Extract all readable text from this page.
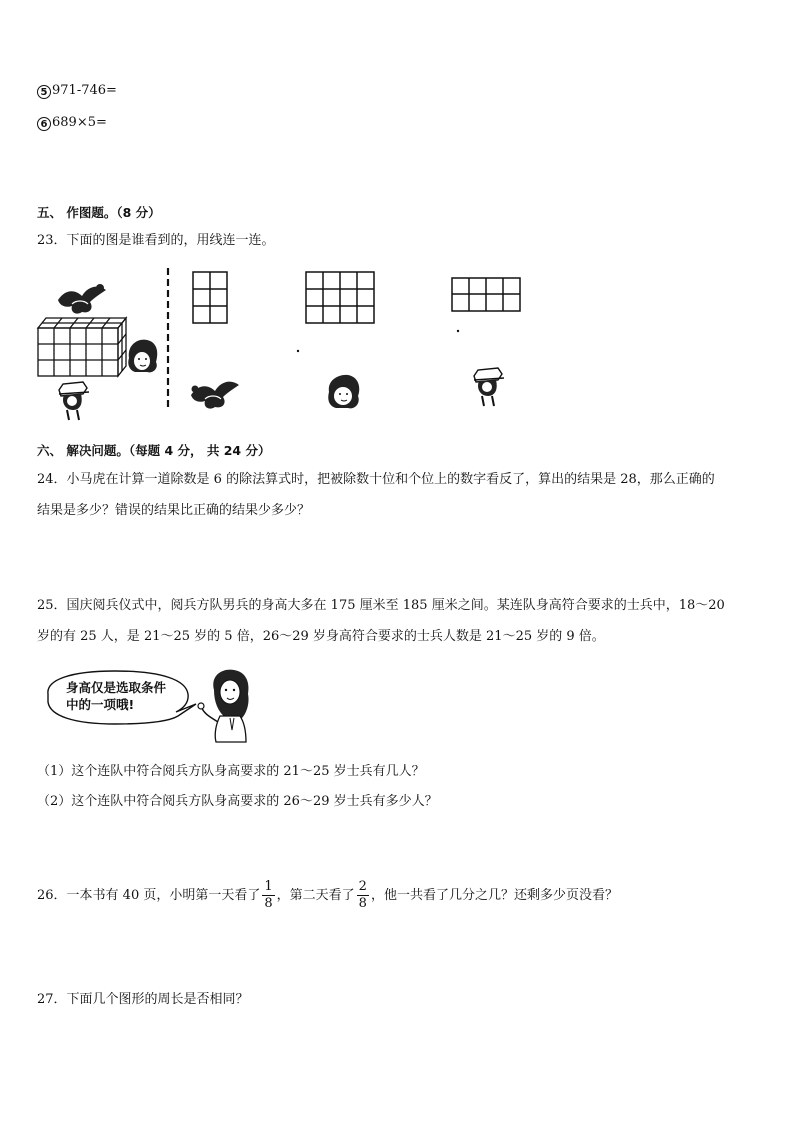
5 971-746=
6 689×5=
五、 作图题。（8 分）
23．下面的图是谁看到的，用线连一连。
六、 解决问题。（每题 4 分， 共 24 分）
24．小马虎在计算一道除数是 6 的除法算式时，把被除数十位和个位上的数字看反了，算出的结果是 28，那么正确的
结果是多少？错误的结果比正确的结果少多少？
25．国庆阅兵仪式中，阅兵方队男兵的身高大多在 175 厘米至 185 厘米之间。某连队身高符合要求的士兵中，18～20
岁的有 25 人，是 21～25 岁的 5 倍，26～29 岁身高符合要求的士兵人数是 21～25 岁的 9 倍。
身高仅是选取条件
中的一项哦!
（1）这个连队中符合阅兵方队身高要求的 21～25 岁士兵有几人？
（2）这个连队中符合阅兵方队身高要求的 26～29 岁士兵有多少人？
26．一本书有 40 页，小明第一天看了 $\frac{1}{8}$ ，第二天看了 $\frac{2}{8}$ ，他一共看了几分之几？还剩多少页没看？
27．下面几个图形的周长是否相同？
